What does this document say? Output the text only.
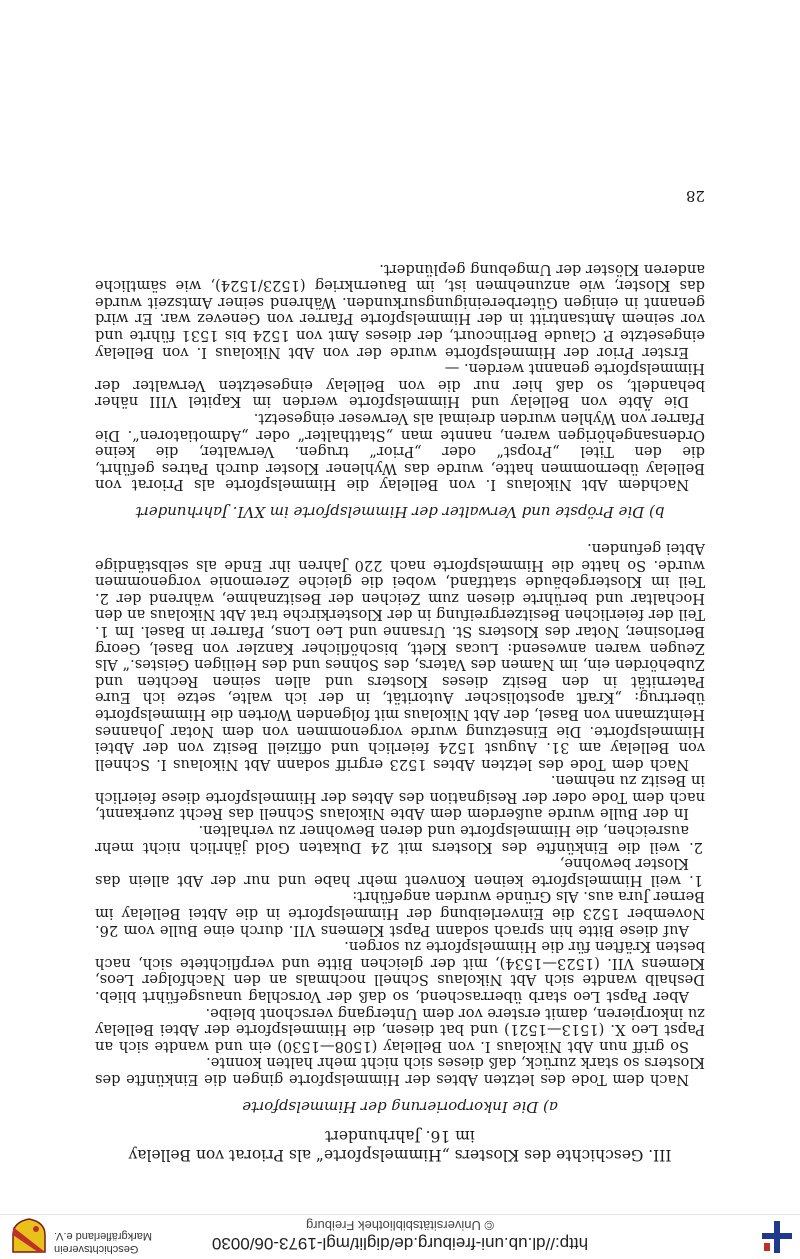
http://dl.ub.uni-freiburg.de/diglit/mgl-1973-06/0030
© Universitätsbibliothek Freiburg
Geschichtsverein
Markgräflerland e.V.
III. Geschichte des Klosters „Himmelspforte“ als Priorat von Bellelay
im 16. Jahrhundert
a) Die Inkorporierung der Himmelspforte

Nach dem Tode des letzten Abtes der Himmelspforte gingen die Einkünfte des Klosters so stark zurück, daß dieses sich nicht mehr halten konnte.

So griff nun Abt Nikolaus I. von Bellelay (1508—1530) ein und wandte sich an Papst Leo X. (1513—1521) und bat diesen, die Himmelspforte der Abtei Bellelay zu inkorpieren, damit erstere vor dem Untergang verschont bleibe.

Aber Papst Leo starb überraschend, so daß der Vorschlag unausgeführt blieb. Deshalb wandte sich Abt Nikolaus Schnell nochmals an den Nachfolger Leos, Klemens VII. (1523—1534), mit der gleichen Bitte und verpflichtete sich, nach besten Kräften für die Himmelspforte zu sorgen.

Auf diese Bitte hin sprach sodann Papst Klemens VII. durch eine Bulle vom 26. November 1523 die Einverleibung der Himmelspforte in die Abtei Bellelay im Berner Jura aus. Als Gründe wurden angeführt:

1. weil Himmelspforte keinen Konvent mehr habe und nur der Abt allein das Kloster bewohne,

2. weil die Einkünfte des Klosters mit 24 Dukaten Gold jährlich nicht mehr ausreichen, die Himmelspforte und deren Bewohner zu verhalten.

In der Bulle wurde außerdem dem Abte Nikolaus Schnell das Recht zuerkannt, nach dem Tode oder der Resignation des Abtes der Himmelspforte diese feierlich in Besitz zu nehmen.

Nach dem Tode des letzten Abtes 1523 ergriff sodann Abt Nikolaus I. Schnell von Bellelay am 31. August 1524 feierlich und offiziell Besitz von der Abtei Himmelspforte. Die Einsetzung wurde vorgenommen von dem Notar Johannes Heintzmann von Basel, der Abt Nikolaus mit folgenden Worten die Himmelspforte übertrug: „Kraft apostolischer Autorität, in der ich walte, setze ich Eure Paternität in den Besitz dieses Klosters und allen seinen Rechten und Zubehörden ein, im Namen des Vaters, des Sohnes und des Heiligen Geistes.“ Als Zeugen waren anwesend: Lucas Klett, bischöflicher Kanzler von Basel, Georg Berlosiner, Notar des Klosters St. Ursanne und Leo Lons, Pfarrer in Basel. Im 1. Teil der feierlichen Besitzergreifung in der Klosterkirche trat Abt Nikolaus an den Hochaltar und berührte diesen zum Zeichen der Besitznahme, während der 2. Teil im Klostergebäude stattfand, wobei die gleiche Zeremonie vorgenommen wurde. So hatte die Himmelspforte nach 220 Jahren ihr Ende als selbständige Abtei gefunden.

b) Die Pröpste und Verwalter der Himmelspforte im XVI. Jahrhundert

Nachdem Abt Nikolaus I. von Bellelay die Himmelspforte als Priorat von Bellelay übernommen hatte, wurde das Wyhlener Kloster durch Patres geführt, die den Titel „Propst“ oder „Prior“ trugen. Verwalter, die keine Ordensangehörigen waren, nannte man „Statthalter“ oder „Admotiatoren“. Die Pfarrer von Wyhlen wurden dreimal als Verweser eingesetzt.

Die Äbte von Bellelay und Himmelspforte werden im Kapitel VIII näher behandelt, so daß hier nur die von Bellelay eingesetzten Verwalter der Himmelspforte genannt werden. —

Erster Prior der Himmelspforte wurde der von Abt Nikolaus I. von Bellelay eingesetzte P. Claude Berlincourt, der dieses Amt von 1524 bis 1531 führte und vor seinem Amtsantritt in der Himmelspforte Pfarrer von Genevez war. Er wird genannt in einigen Güterbereinigungsurkunden. Während seiner Amtszeit wurde das Kloster, wie anzunehmen ist, im Bauernkrieg (1523/1524), wie sämtliche anderen Klöster der Umgebung geplündert.

28
